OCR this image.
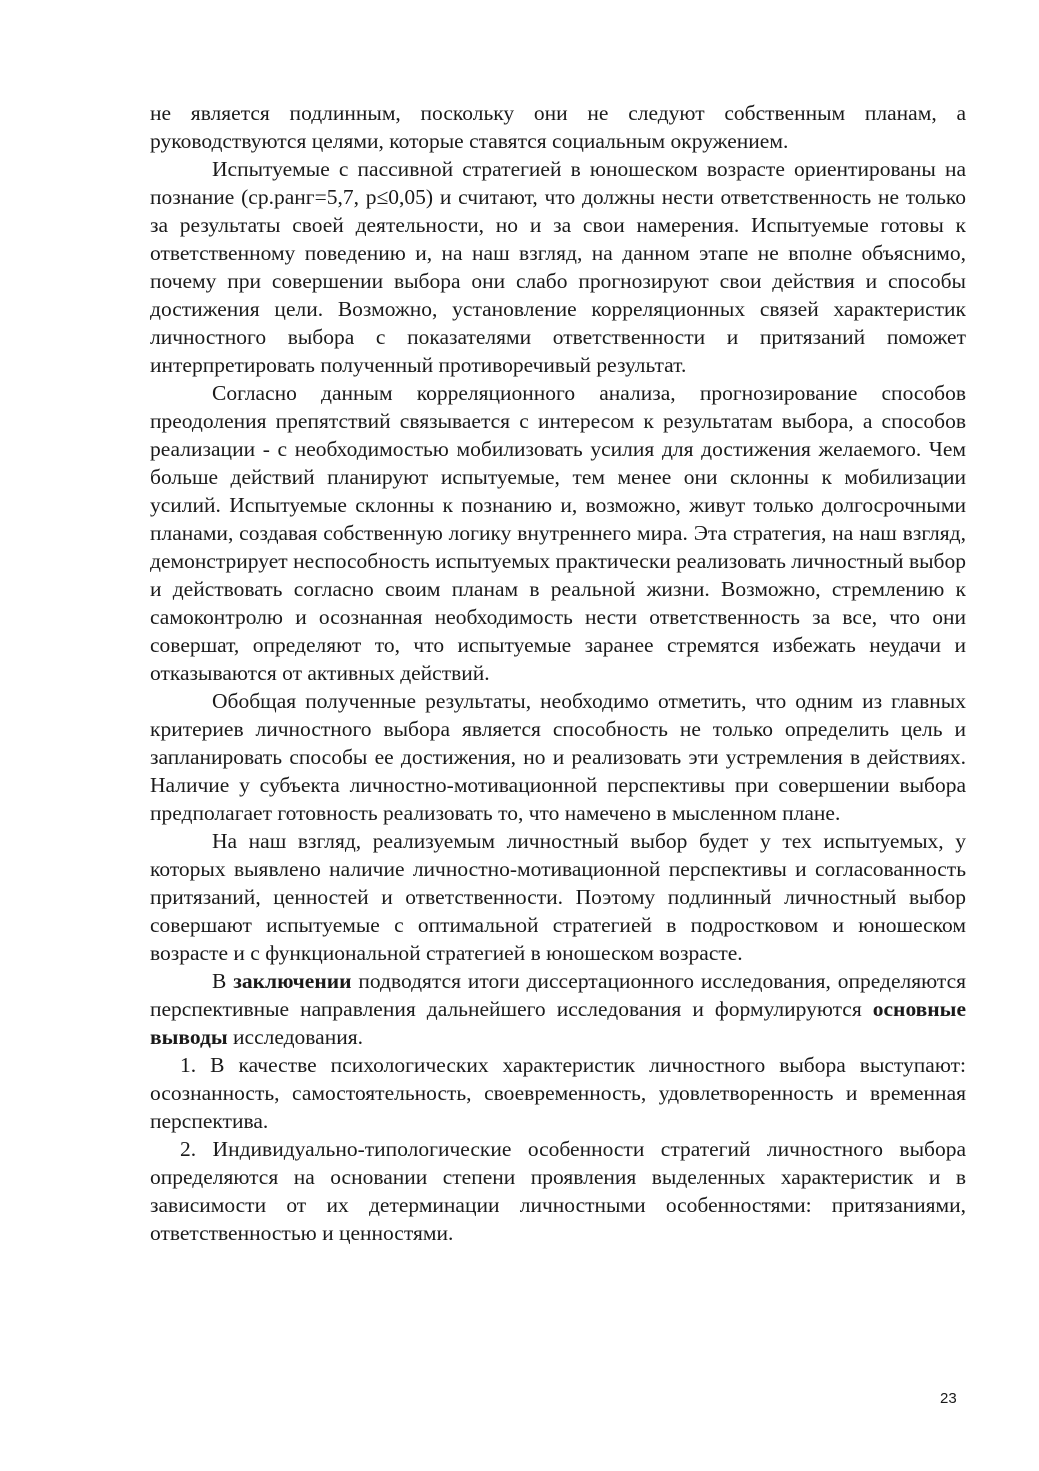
не является подлинным, поскольку они не следуют собственным планам, а руководствуются целями, которые ставятся социальным окружением.

Испытуемые с пассивной стратегией в юношеском возрасте ориентированы на познание (ср.ранг=5,7, p≤0,05) и считают, что должны нести ответственность не только за результаты своей деятельности, но и за свои намерения. Испытуемые готовы к ответственному поведению и, на наш взгляд, на данном этапе не вполне объяснимо, почему при совершении выбора они слабо прогнозируют свои действия и способы достижения цели. Возможно, установление корреляционных связей характеристик личностного выбора с показателями ответственности и притязаний поможет интерпретировать полученный противоречивый результат.

Согласно данным корреляционного анализа, прогнозирование способов преодоления препятствий связывается с интересом к результатам выбора, а способов реализации - с необходимостью мобилизовать усилия для достижения желаемого. Чем больше действий планируют испытуемые, тем менее они склонны к мобилизации усилий. Испытуемые склонны к познанию и, возможно, живут только долгосрочными планами, создавая собственную логику внутреннего мира. Эта стратегия, на наш взгляд, демонстрирует неспособность испытуемых практически реализовать личностный выбор и действовать согласно своим планам в реальной жизни. Возможно, стремлению к самоконтролю и осознанная необходимость нести ответственность за все, что они совершат, определяют то, что испытуемые заранее стремятся избежать неудачи и отказываются от активных действий.

Обобщая полученные результаты, необходимо отметить, что одним из главных критериев личностного выбора является способность не только определить цель и запланировать способы ее достижения, но и реализовать эти устремления в действиях. Наличие у субъекта личностно-мотивационной перспективы при совершении выбора предполагает готовность реализовать то, что намечено в мысленном плане.

На наш взгляд, реализуемым личностный выбор будет у тех испытуемых, у которых выявлено наличие личностно-мотивационной перспективы и согласованность притязаний, ценностей и ответственности. Поэтому подлинный личностный выбор совершают испытуемые с оптимальной стратегией в подростковом и юношеском возрасте и с функциональной стратегией в юношеском возрасте.

В заключении подводятся итоги диссертационного исследования, определяются перспективные направления дальнейшего исследования и формулируются основные выводы исследования.

1. В качестве психологических характеристик личностного выбора выступают: осознанность, самостоятельность, своевременность, удовлетворенность и временная перспектива.

2. Индивидуально-типологические особенности стратегий личностного выбора определяются на основании степени проявления выделенных характеристик и в зависимости от их детерминации личностными особенностями: притязаниями, ответственностью и ценностями.

23
